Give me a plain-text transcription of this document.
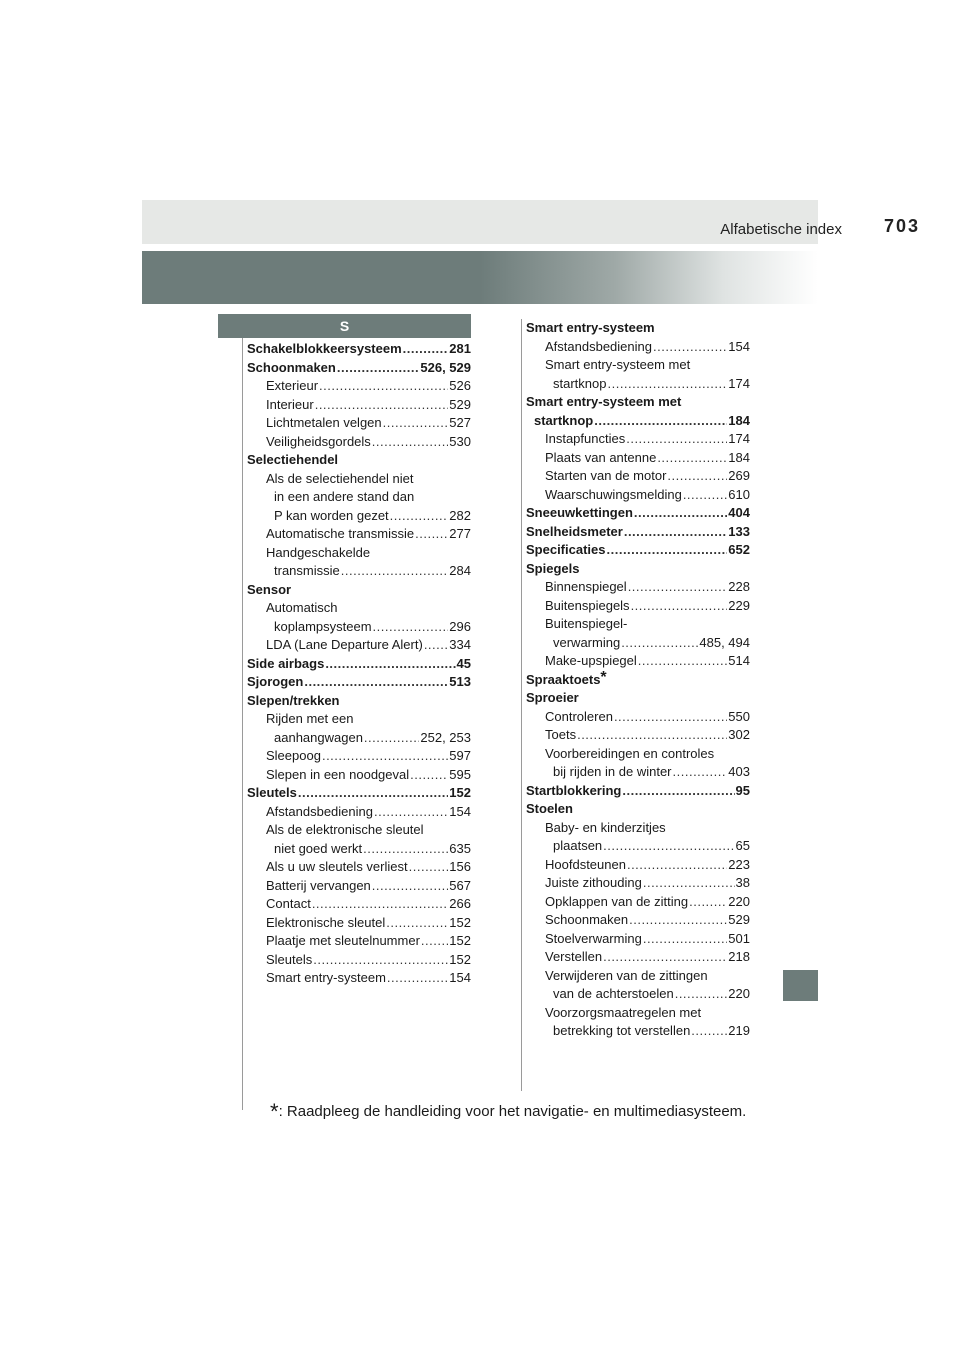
Alfabetische index 703
S
Schakelblokkeersysteem .....	281
Schoonmaken .....	526, 529
Exterieur .....	526
Interieur .....	529
Lichtmetalen velgen .....	527
Veiligheidsgordels .....	530
Selectiehendel
Als de selectiehendel niet
in een andere stand dan
P kan worden gezet .....	282
Automatische transmissie .....	277
Handgeschakelde
transmissie .....	284
Sensor
Automatisch
koplampsysteem .....	296
LDA (Lane Departure Alert) ..... 334
Side airbags .....	45
Sjorogen .....	513
Slepen/trekken
Rijden met een
aanhangwagen .....	252, 253
Sleepoog .....	597
Slepen in een noodgeval .....	595
Sleutels .....	152
Afstandsbediening .....	154
Als de elektronische sleutel
niet goed werkt .....	635
Als u uw sleutels verliest .....	156
Batterij vervangen .....	567
Contact .....	266
Elektronische sleutel .....	152
Plaatje met sleutelnummer ..... 152
Sleutels .....	152
Smart entry-systeem .....	154
Smart entry-systeem
Afstandsbediening .....	154
Smart entry-systeem met
startknop .....	174
Smart entry-systeem met
startknop .....	184
Instapfuncties .....	174
Plaats van antenne .....	184
Starten van de motor .....	269
Waarschuwingsmelding .....	610
Sneeuwkettingen .....	404
Snelheidsmeter .....	133
Specificaties .....	652
Spiegels
Binnenspiegel .....	228
Buitenspiegels .....	229
Buitenspiegel-
verwarming .....	485, 494
Make-upspiegel .....	514
Spraaktoets*
Sproeier
Controleren .....	550
Toets .....	302
Voorbereidingen en controles
bij rijden in de winter .....	403
Startblokkering .....	95
Stoelen
Baby- en kinderzitjes
plaatsen .....	65
Hoofdsteunen .....	223
Juiste zithouding .....	38
Opklappen van de zitting .....	220
Schoonmaken .....	529
Stoelverwarming .....	501
Verstellen .....	218
Verwijderen van de zittingen
van de achterstoelen .....	220
Voorzorgsmaatregelen met
betrekking tot verstellen .....	219
*: Raadpleeg de handleiding voor het navigatie- en multimediasysteem.
